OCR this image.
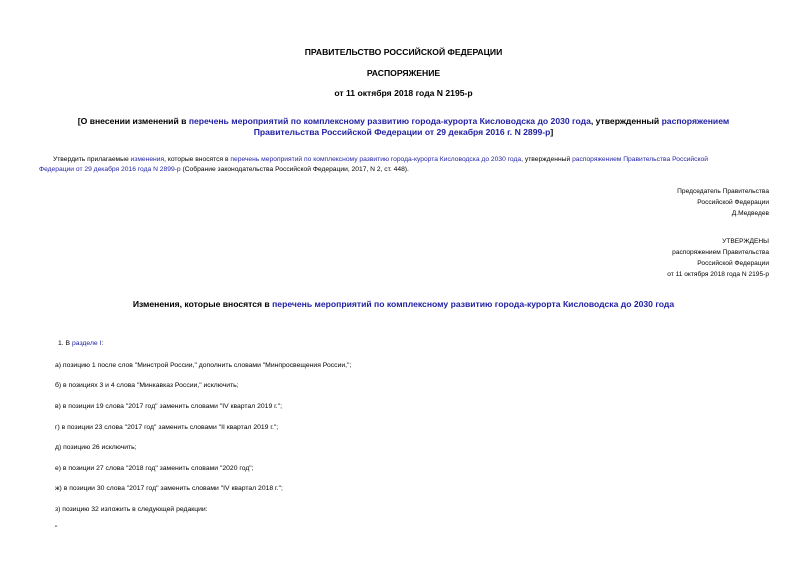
ПРАВИТЕЛЬСТВО РОССИЙСКОЙ ФЕДЕРАЦИИ
РАСПОРЯЖЕНИЕ
от 11 октября 2018 года N 2195-р
[О внесении изменений в перечень мероприятий по комплексному развитию города-курорта Кисловодска до 2030 года, утвержденный распоряжением
Правительства Российской Федерации от 29 декабря 2016 г. N 2899-р]
Утвердить прилагаемые изменения, которые вносятся в перечень мероприятий по комплексному развитию города-курорта Кисловодска до 2030 года, утвержденный распоряжением Правительства Российской
Федерации от 29 декабря 2016 года N 2899-р (Собрание законодательства Российской Федерации, 2017, N 2, ст. 448).
Председатель Правительства
Российской Федерации
Д.Медведев
УТВЕРЖДЕНЫ
распоряжением Правительства
Российской Федерации
от 11 октября 2018 года N 2195-р
Изменения, которые вносятся в перечень мероприятий по комплексному развитию города-курорта Кисловодска до 2030 года
1. В разделе I:
а) позицию 1 после слов "Минстрой России," дополнить словами "Минпросвещения России,";
б) в позициях 3 и 4 слова "Минкавказ России," исключить;
в) в позиции 19 слова "2017 год" заменить словами "IV квартал 2019 г.";
г) в позиции 23 слова "2017 год" заменить словами "II квартал 2019 г.";
д) позицию 26 исключить;
е) в позиции 27 слова "2018 год" заменить словами "2020 год";
ж) в позиции 30 слова "2017 год" заменить словами "IV квартал 2018 г.";
з) позицию 32 изложить в следующей редакции:
"
